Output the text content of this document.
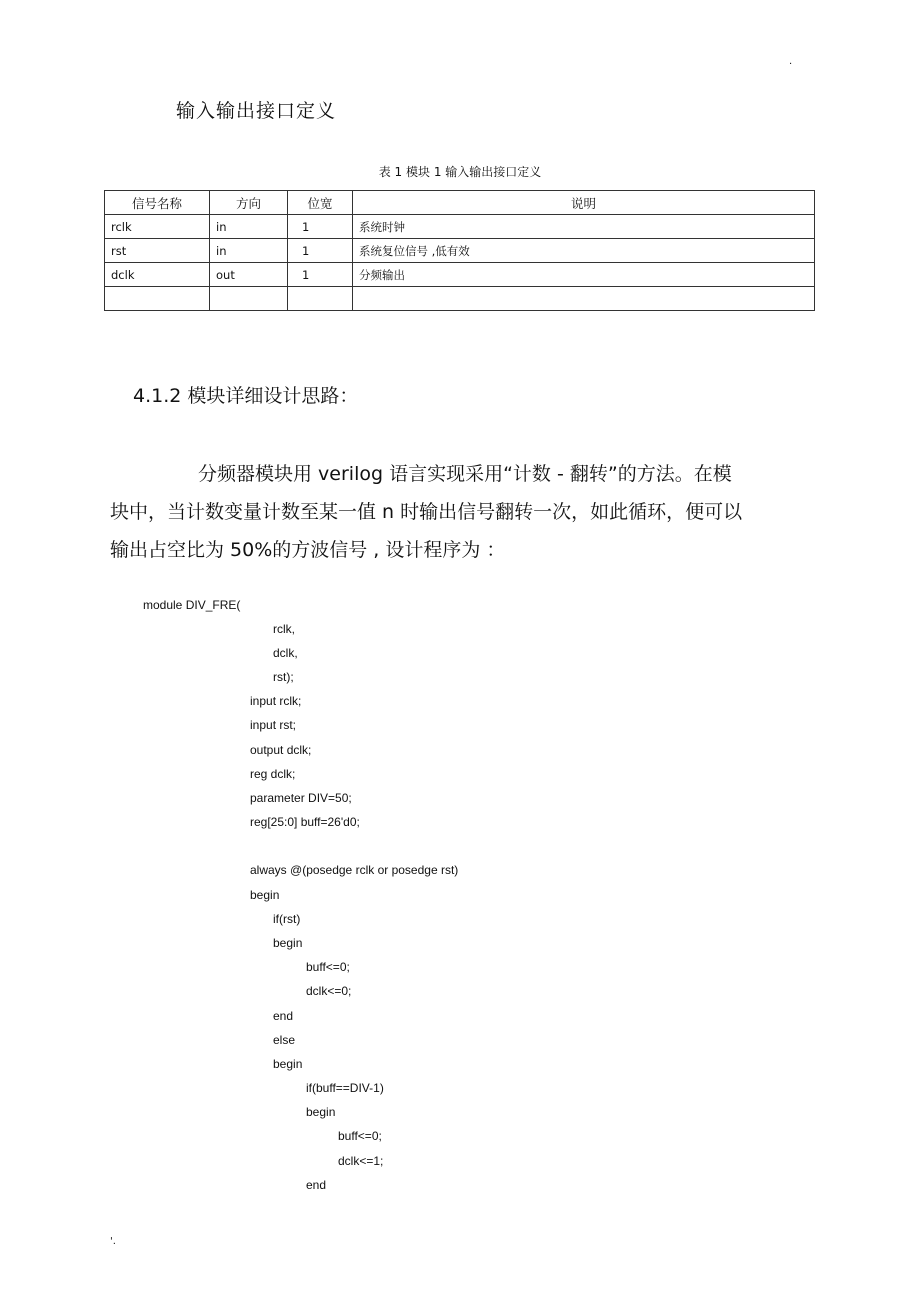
.
输入输出接口定义
表 1 模块 1 输入输出接口定义
信号名称	方向	位宽	说明
rclk	in	1	系统时钟
rst	in	1	系统复位信号 ,低有效
dclk	out	1	分频输出

4.1.2 模块详细设计思路：
分频器模块用 verilog 语言实现采用“计数 - 翻转”的方法。在模
块中，当计数变量计数至某一值 n 时输出信号翻转一次，如此循环，便可以
输出占空比为 50%的方波信号 , 设计程序为 ：
module DIV_FRE(
rclk,
dclk,
rst);
input rclk;
input rst;
output dclk;
reg dclk;
parameter DIV=50;
reg[25:0] buff=26'd0;
always @(posedge rclk or posedge rst)
begin
if(rst)
begin
buff<=0;
dclk<=0;
end
else
begin
if(buff==DIV-1)
begin
buff<=0;
dclk<=1;
end
'.
